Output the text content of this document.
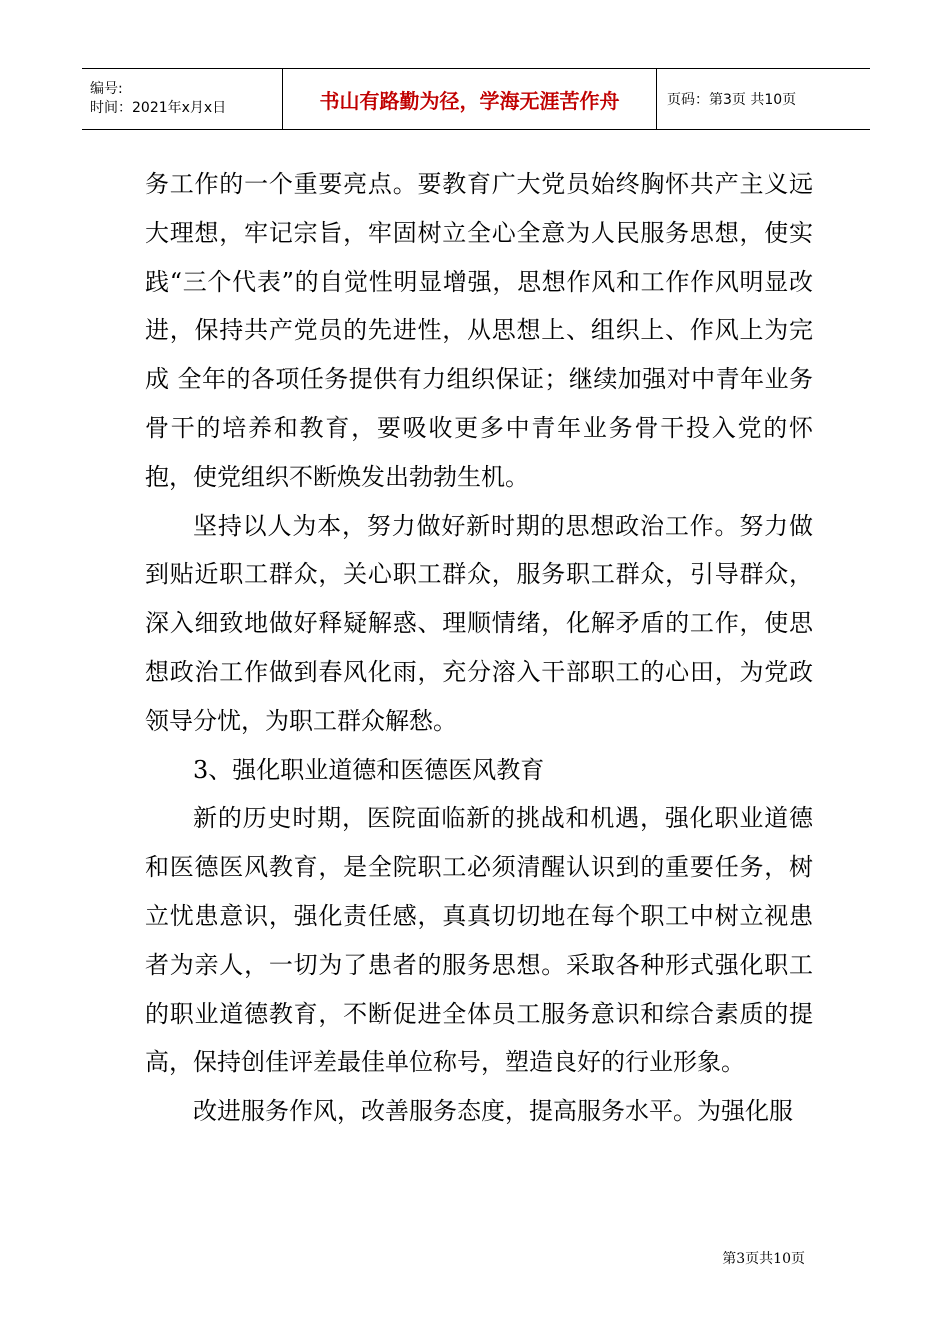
编号:
时间：2021年x月x日	书山有路勤为径，学海无涯苦作舟	页码：第3页 共10页

务工作的一个重要亮点。要教育广大党员始终胸怀共产主义远大理想，牢记宗旨，牢固树立全心全意为人民服务思想，使实践“三个代表”的自觉性明显增强，思想作风和工作作风明显改进，保持共产党员的先进性，从思想上、组织上、作风上为完成 全年的各项任务提供有力组织保证；继续加强对中青年业务骨干的培养和教育，要吸收更多中青年业务骨干投入党的怀抱，使党组织不断焕发出勃勃生机。

坚持以人为本，努力做好新时期的思想政治工作。努力做到贴近职工群众，关心职工群众，服务职工群众，引导群众，深入细致地做好释疑解惑、理顺情绪，化解矛盾的工作，使思想政治工作做到春风化雨，充分溶入干部职工的心田，为党政领导分忧，为职工群众解愁。

3、强化职业道德和医德医风教育

新的历史时期，医院面临新的挑战和机遇，强化职业道德和医德医风教育，是全院职工必须清醒认识到的重要任务，树立忧患意识，强化责任感，真真切切地在每个职工中树立视患者为亲人，一切为了患者的服务思想。采取各种形式强化职工的职业道德教育，不断促进全体员工服务意识和综合素质的提高，保持创佳评差最佳单位称号，塑造良好的行业形象。

改进服务作风，改善服务态度，提高服务水平。为强化服

第3页共10页
